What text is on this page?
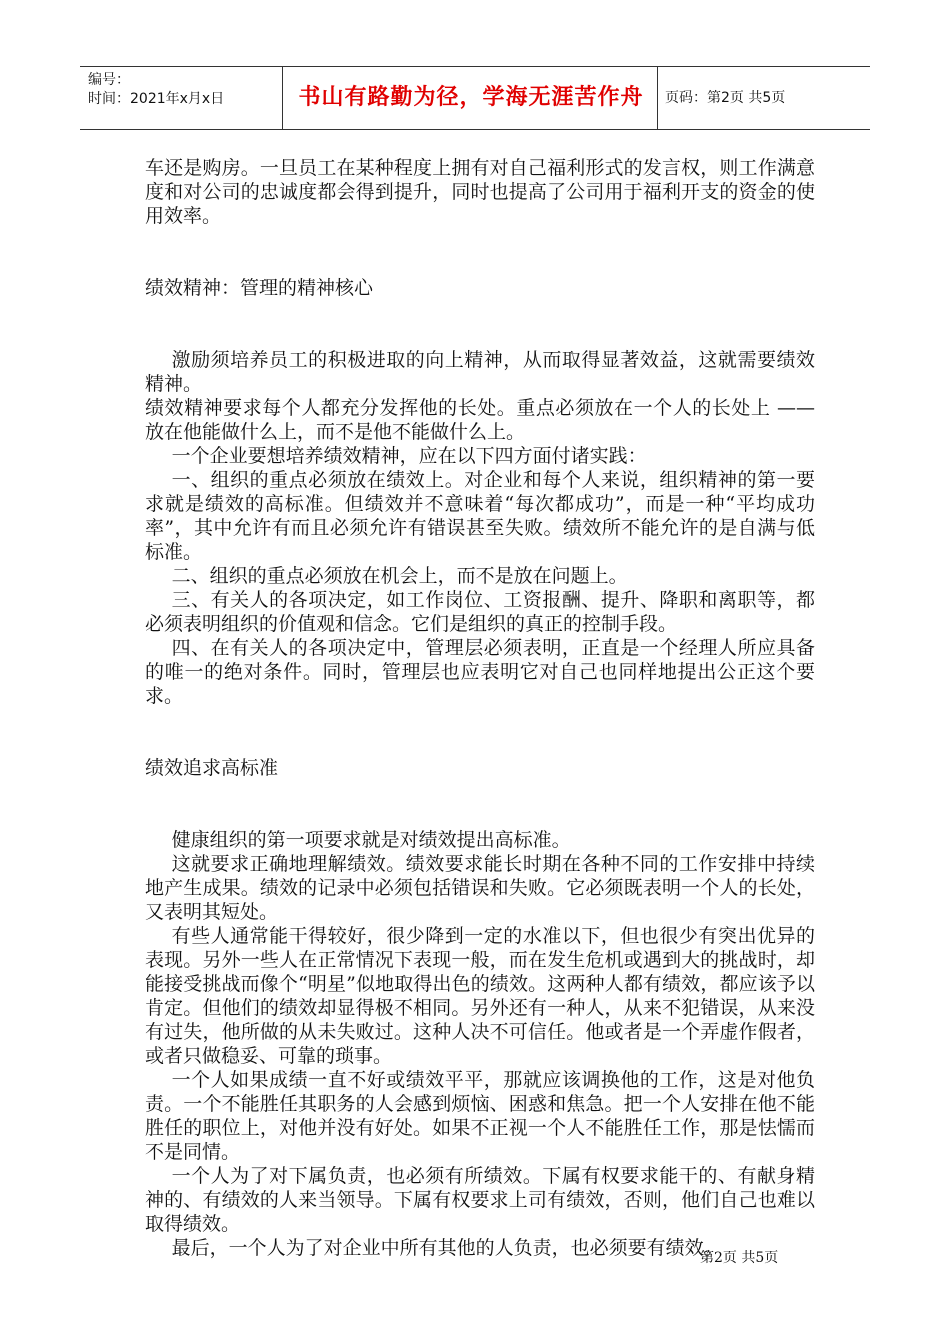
编号：
时间：2021年x月x日	书山有路勤为径，学海无涯苦作舟	页码：第2页 共5页

车还是购房。一旦员工在某种程度上拥有对自己福利形式的发言权，则工作满意度和对公司的忠诚度都会得到提升，同时也提高了公司用于福利开支的资金的使用效率。

绩效精神：管理的精神核心

激励须培养员工的积极进取的向上精神，从而取得显著效益，这就需要绩效精神。

绩效精神要求每个人都充分发挥他的长处。重点必须放在一个人的长处上 ——放在他能做什么上，而不是他不能做什么上。

一个企业要想培养绩效精神，应在以下四方面付诸实践：

一、组织的重点必须放在绩效上。对企业和每个人来说，组织精神的第一要求就是绩效的高标准。但绩效并不意味着“每次都成功”，而是一种“平均成功率”，其中允许有而且必须允许有错误甚至失败。绩效所不能允许的是自满与低标准。

二、组织的重点必须放在机会上，而不是放在问题上。

三、有关人的各项决定，如工作岗位、工资报酬、提升、降职和离职等，都必须表明组织的价值观和信念。它们是组织的真正的控制手段。

四、在有关人的各项决定中，管理层必须表明，正直是一个经理人所应具备的唯一的绝对条件。同时，管理层也应表明它对自己也同样地提出公正这个要求。

绩效追求高标准

健康组织的第一项要求就是对绩效提出高标准。

这就要求正确地理解绩效。绩效要求能长时期在各种不同的工作安排中持续地产生成果。绩效的记录中必须包括错误和失败。它必须既表明一个人的长处，又表明其短处。

有些人通常能干得较好，很少降到一定的水准以下，但也很少有突出优异的表现。另外一些人在正常情况下表现一般，而在发生危机或遇到大的挑战时，却能接受挑战而像个“明星”似地取得出色的绩效。这两种人都有绩效，都应该予以肯定。但他们的绩效却显得极不相同。另外还有一种人，从来不犯错误，从来没有过失，他所做的从未失败过。这种人决不可信任。他或者是一个弄虚作假者，或者只做稳妥、可靠的琐事。

一个人如果成绩一直不好或绩效平平，那就应该调换他的工作，这是对他负责。一个不能胜任其职务的人会感到烦恼、困惑和焦急。把一个人安排在他不能胜任的职位上，对他并没有好处。如果不正视一个人不能胜任工作，那是怯懦而不是同情。

一个人为了对下属负责，也必须有所绩效。下属有权要求能干的、有献身精神的、有绩效的人来当领导。下属有权要求上司有绩效，否则，他们自己也难以取得绩效。

最后，一个人为了对企业中所有其他的人负责，也必须要有绩效。

第2页 共5页
